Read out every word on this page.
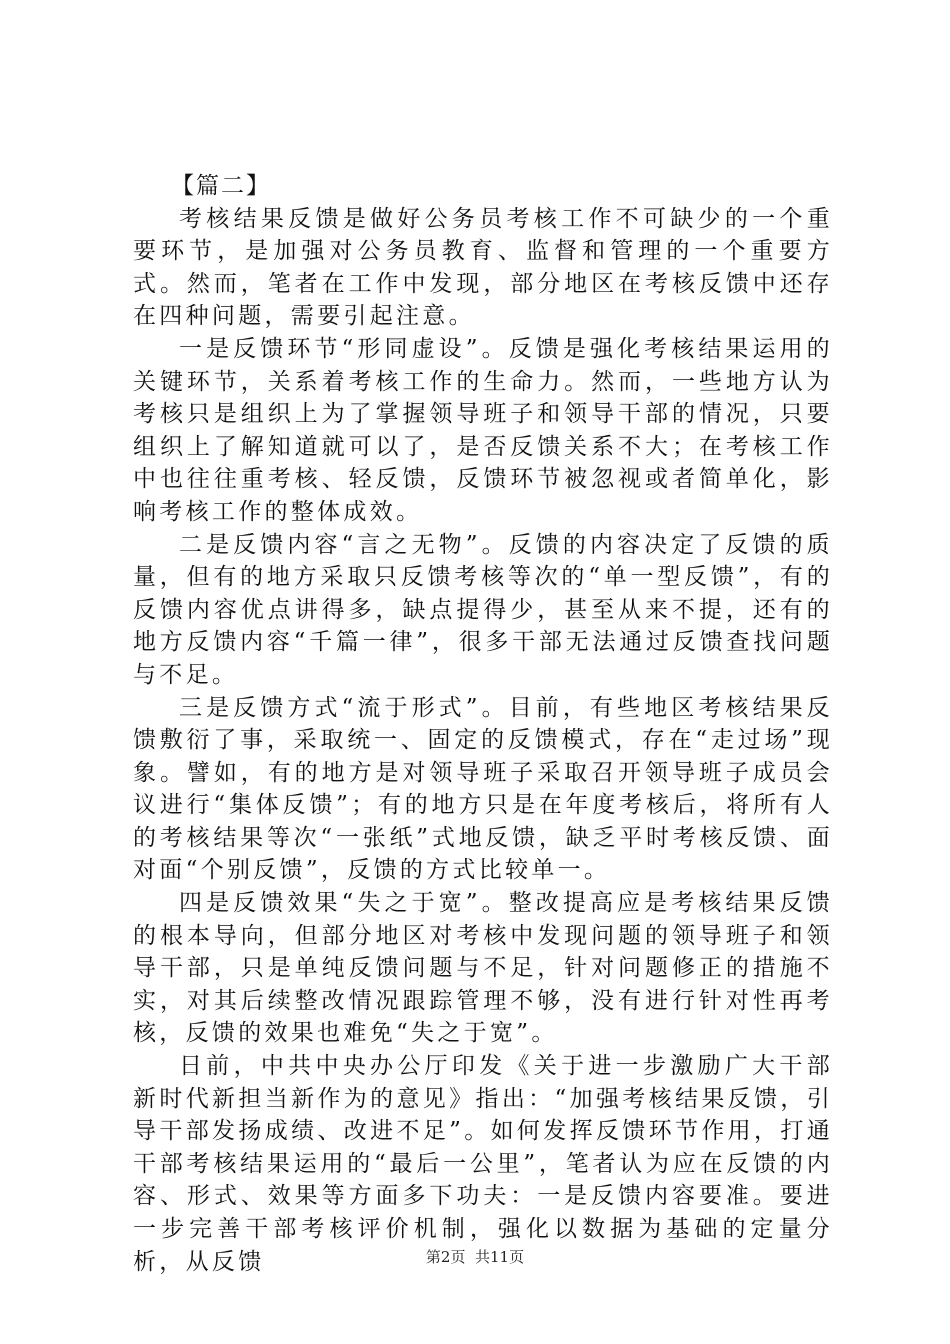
【篇二】

考核结果反馈是做好公务员考核工作不可缺少的一个重要环节，是加强对公务员教育、监督和管理的一个重要方式。然而，笔者在工作中发现，部分地区在考核反馈中还存在四种问题，需要引起注意。

一是反馈环节“形同虚设”。反馈是强化考核结果运用的关键环节，关系着考核工作的生命力。然而，一些地方认为考核只是组织上为了掌握领导班子和领导干部的情况，只要组织上了解知道就可以了，是否反馈关系不大；在考核工作中也往往重考核、轻反馈，反馈环节被忽视或者简单化，影响考核工作的整体成效。

二是反馈内容“言之无物”。反馈的内容决定了反馈的质量，但有的地方采取只反馈考核等次的“单一型反馈”，有的反馈内容优点讲得多，缺点提得少，甚至从来不提，还有的地方反馈内容“千篇一律”，很多干部无法通过反馈查找问题与不足。

三是反馈方式“流于形式”。目前，有些地区考核结果反馈敷衍了事，采取统一、固定的反馈模式，存在“走过场”现象。譬如，有的地方是对领导班子采取召开领导班子成员会议进行“集体反馈”；有的地方只是在年度考核后，将所有人的考核结果等次“一张纸”式地反馈，缺乏平时考核反馈、面对面“个别反馈”，反馈的方式比较单一。

四是反馈效果“失之于宽”。整改提高应是考核结果反馈的根本导向，但部分地区对考核中发现问题的领导班子和领导干部，只是单纯反馈问题与不足，针对问题修正的措施不实，对其后续整改情况跟踪管理不够，没有进行针对性再考核，反馈的效果也难免“失之于宽”。

日前，中共中央办公厅印发《关于进一步激励广大干部新时代新担当新作为的意见》指出：“加强考核结果反馈，引导干部发扬成绩、改进不足”。如何发挥反馈环节作用，打通干部考核结果运用的“最后一公里”，笔者认为应在反馈的内容、形式、效果等方面多下功夫：一是反馈内容要准。要进一步完善干部考核评价机制，强化以数据为基础的定量分析，从反馈	第2页 共11页
